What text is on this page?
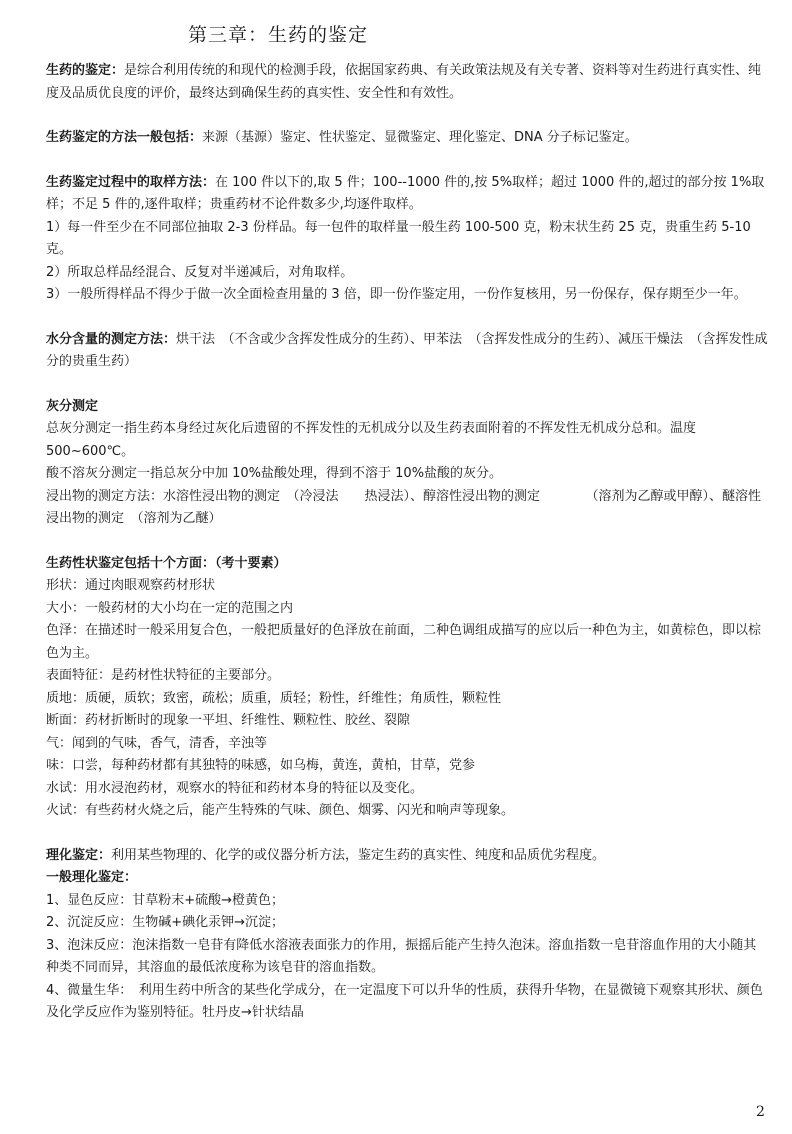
第三章：生药的鉴定

生药的鉴定：是综合利用传统的和现代的检测手段，依据国家药典、有关政策法规及有关专著、资料等对生药进行真实性、纯度及品质优良度的评价，最终达到确保生药的真实性、安全性和有效性。

生药鉴定的方法一般包括：来源（基源）鉴定、性状鉴定、显微鉴定、理化鉴定、DNA 分子标记鉴定。

生药鉴定过程中的取样方法：在 100 件以下的,取 5 件；100--1000 件的,按 5%取样；超过 1000 件的,超过的部分按 1%取样；不足 5 件的,逐件取样；贵重药材不论件数多少,均逐件取样。

1）每一件至少在不同部位抽取 2-3 份样品。每一包件的取样量一般生药 100-500 克，粉末状生药 25 克，贵重生药 5-10 克。

2）所取总样品经混合、反复对半递减后，对角取样。

3）一般所得样品不得少于做一次全面检查用量的 3 倍，即一份作鉴定用，一份作复核用，另一份保存，保存期至少一年。

水分含量的测定方法：烘干法　（不含或少含挥发性成分的生药）、甲苯法　（含挥发性成分的生药）、减压干燥法　（含挥发性成分的贵重生药）

灰分测定

总灰分测定一指生药本身经过灰化后遗留的不挥发性的无机成分以及生药表面附着的不挥发性无机成分总和。温度 500~600℃。

酸不溶灰分测定一指总灰分中加 10%盐酸处理，得到不溶于 10%盐酸的灰分。

浸出物的测定方法：水溶性浸出物的测定　（冷浸法　　热浸法）、醇溶性浸出物的测定　　　　（溶剂为乙醇或甲醇）、醚溶性浸出物的测定　（溶剂为乙醚）

生药性状鉴定包括十个方面：（考十要素）

形状：通过肉眼观察药材形状

大小：一般药材的大小均在一定的范围之内

色泽：在描述时一般采用复合色，一般把质量好的色泽放在前面，二种色调组成描写的应以后一种色为主，如黄棕色，即以棕色为主。

表面特征：是药材性状特征的主要部分。

质地：质硬，质软；致密，疏松；质重，质轻；粉性，纤维性；角质性，颗粒性

断面：药材折断时的现象一平坦、纤维性、颗粒性、胶丝、裂隙

气：闻到的气味，香气，清香，辛浊等

味：口尝，每种药材都有其独特的味感，如乌梅，黄连，黄柏，甘草，党参

水试：用水浸泡药材，观察水的特征和药材本身的特征以及变化。

火试：有些药材火烧之后，能产生特殊的气味、颜色、烟雾、闪光和响声等现象。

理化鉴定：利用某些物理的、化学的或仪器分析方法，鉴定生药的真实性、纯度和品质优劣程度。

一般理化鉴定：

1、显色反应：甘草粉末+硫酸→橙黄色；

2、沉淀反应：生物碱+碘化汞钾→沉淀；

3、泡沫反应：泡沫指数一皂苷有降低水溶液表面张力的作用，振摇后能产生持久泡沫。溶血指数一皂苷溶血作用的大小随其种类不同而异，其溶血的最低浓度称为该皂苷的溶血指数。

4、微量生华：　利用生药中所含的某些化学成分，在一定温度下可以升华的性质，获得升华物，在显微镜下观察其形状、颜色及化学反应作为鉴别特征。牡丹皮→针状结晶

2
